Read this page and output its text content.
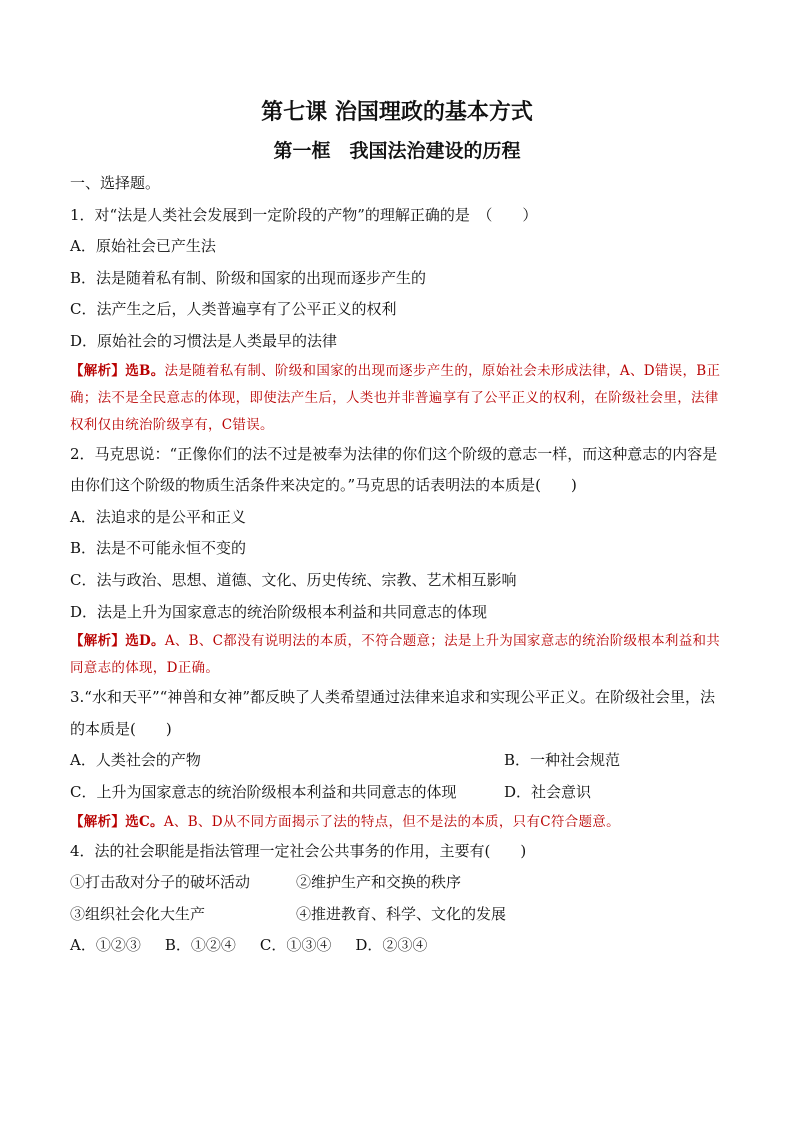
第七课 治国理政的基本方式
第一框　我国法治建设的历程

一、选择题。

1．对“法是人类社会发展到一定阶段的产物”的理解正确的是　（　　）

A．原始社会已产生法

B．法是随着私有制、阶级和国家的出现而逐步产生的

C．法产生之后，人类普遍享有了公平正义的权利

D．原始社会的习惯法是人类最早的法律

【解析】选B。法是随着私有制、阶级和国家的出现而逐步产生的，原始社会未形成法律，A、D错误，B正确；法不是全民意志的体现，即使法产生后，人类也并非普遍享有了公平正义的权利，在阶级社会里，法律权利仅由统治阶级享有，C错误。

2．马克思说：“正像你们的法不过是被奉为法律的你们这个阶级的意志一样，而这种意志的内容是由你们这个阶级的物质生活条件来决定的。”马克思的话表明法的本质是(　　)

A．法追求的是公平和正义

B．法是不可能永恒不变的

C．法与政治、思想、道德、文化、历史传统、宗教、艺术相互影响

D．法是上升为国家意志的统治阶级根本利益和共同意志的体现

【解析】选D。A、B、C都没有说明法的本质，不符合题意；法是上升为国家意志的统治阶级根本利益和共同意志的体现，D正确。

3.“水和天平”“神兽和女神”都反映了人类希望通过法律来追求和实现公平正义。在阶级社会里，法的本质是(　　)

A．人类社会的产物	B．一种社会规范
C．上升为国家意志的统治阶级根本利益和共同意志的体现	D．社会意识

【解析】选C。A、B、D从不同方面揭示了法的特点，但不是法的本质，只有C符合题意。

4．法的社会职能是指法管理一定社会公共事务的作用，主要有(　　)

①打击敌对分子的破坏活动	②维护生产和交换的秩序
③组织社会化大生产	④推进教育、科学、文化的发展
A．①②③ B．①②④ C．①③④ D．②③④
